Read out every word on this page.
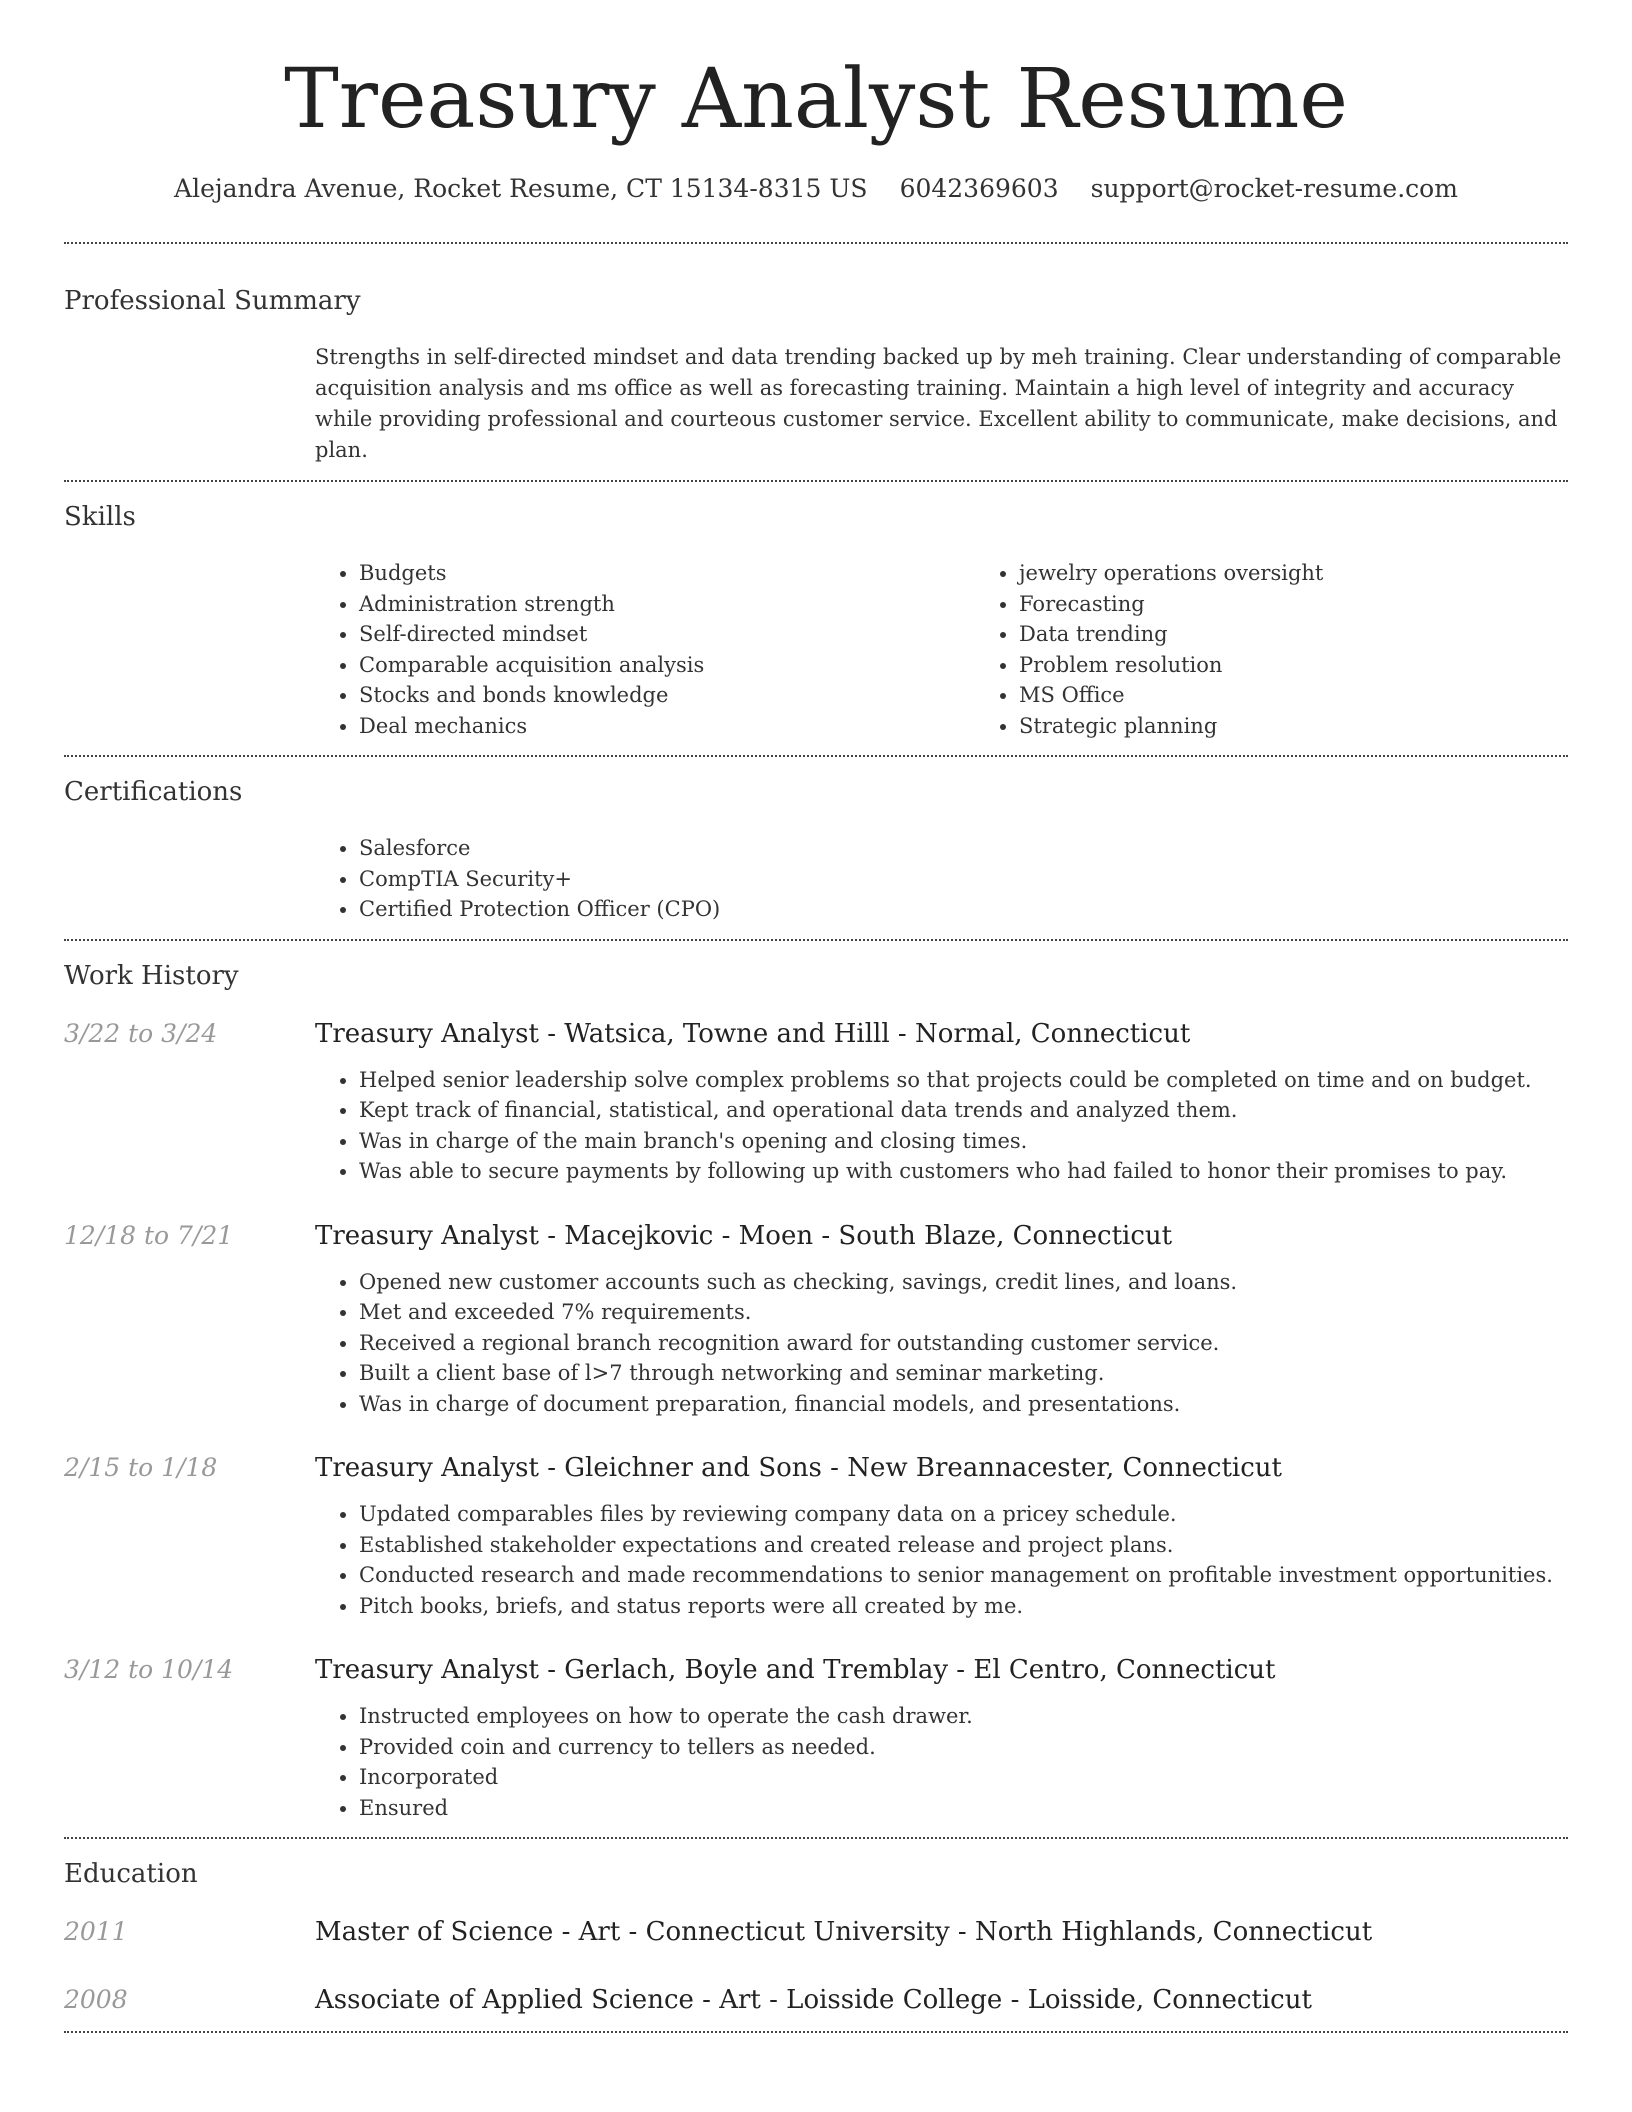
Treasury Analyst Resume
Alejandra Avenue, Rocket Resume, CT 15134-8315 US 6042369603 support@rocket-resume.com
Professional Summary

Strengths in self-directed mindset and data trending backed up by meh training. Clear understanding of comparable acquisition analysis and ms office as well as forecasting training. Maintain a high level of integrity and accuracy while providing professional and courteous customer service. Excellent ability to communicate, make decisions, and plan.

Skills
• Budgets
• Administration strength
• Self-directed mindset
• Comparable acquisition analysis
• Stocks and bonds knowledge
• Deal mechanics
• jewelry operations oversight
• Forecasting
• Data trending
• Problem resolution
• MS Office
• Strategic planning
Certifications
• Salesforce
• CompTIA Security+
• Certified Protection Officer (CPO)
Work History
3/22 to 3/24	Treasury Analyst - Watsica, Towne and Hilll - Normal, Connecticut
• Helped senior leadership solve complex problems so that projects could be completed on time and on budget.
• Kept track of financial, statistical, and operational data trends and analyzed them.
• Was in charge of the main branch's opening and closing times.
• Was able to secure payments by following up with customers who had failed to honor their promises to pay.
12/18 to 7/21	Treasury Analyst - Macejkovic - Moen - South Blaze, Connecticut
• Opened new customer accounts such as checking, savings, credit lines, and loans.
• Met and exceeded 7% requirements.
• Received a regional branch recognition award for outstanding customer service.
• Built a client base of l>7 through networking and seminar marketing.
• Was in charge of document preparation, financial models, and presentations.
2/15 to 1/18	Treasury Analyst - Gleichner and Sons - New Breannacester, Connecticut
• Updated comparables files by reviewing company data on a pricey schedule.
• Established stakeholder expectations and created release and project plans.
• Conducted research and made recommendations to senior management on profitable investment opportunities.
• Pitch books, briefs, and status reports were all created by me.
3/12 to 10/14	Treasury Analyst - Gerlach, Boyle and Tremblay - El Centro, Connecticut
• Instructed employees on how to operate the cash drawer.
• Provided coin and currency to tellers as needed.
• Incorporated
• Ensured
Education
2011	Master of Science - Art - Connecticut University - North Highlands, Connecticut
2008	Associate of Applied Science - Art - Loisside College - Loisside, Connecticut
